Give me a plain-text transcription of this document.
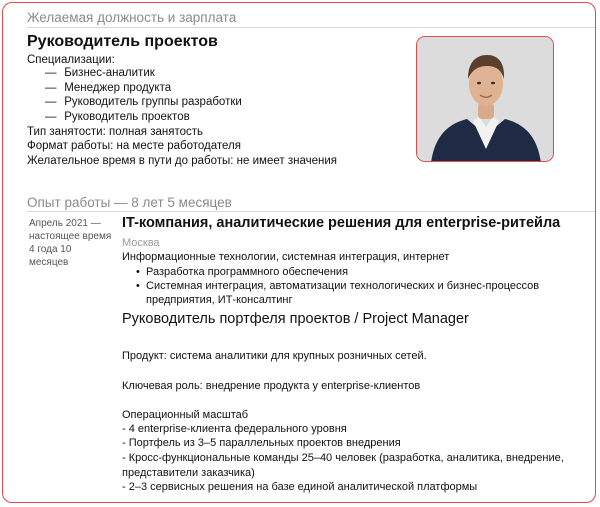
Желаемая должность и зарплата
Руководитель проектов
Специализации:
— Бизнес-аналитик
— Менеджер продукта
— Руководитель группы разработки
— Руководитель проектов
Тип занятости: полная занятость
Формат работы: на месте работодателя
Желательное время в пути до работы: не имеет значения
Опыт работы — 8 лет 5 месяцев
Апрель 2021 — настоящее время
4 года 10 месяцев
IT-компания, аналитические решения для enterprise-ритейла
Москва
Информационные технологии, системная интеграция, интернет
• Разработка программного обеспечения
• Системная интеграция, автоматизации технологических и бизнес-процессов предприятия, ИТ-консалтинг
Руководитель портфеля проектов / Project Manager
Продукт: система аналитики для крупных розничных сетей.
Ключевая роль: внедрение продукта у enterprise-клиентов
Операционный масштаб
- 4 enterprise-клиента федерального уровня
- Портфель из 3–5 параллельных проектов внедрения
- Кросс-функциональные команды 25–40 человек (разработка, аналитика, внедрение, представители заказчика)
- 2–3 сервисных решения на базе единой аналитической платформы
